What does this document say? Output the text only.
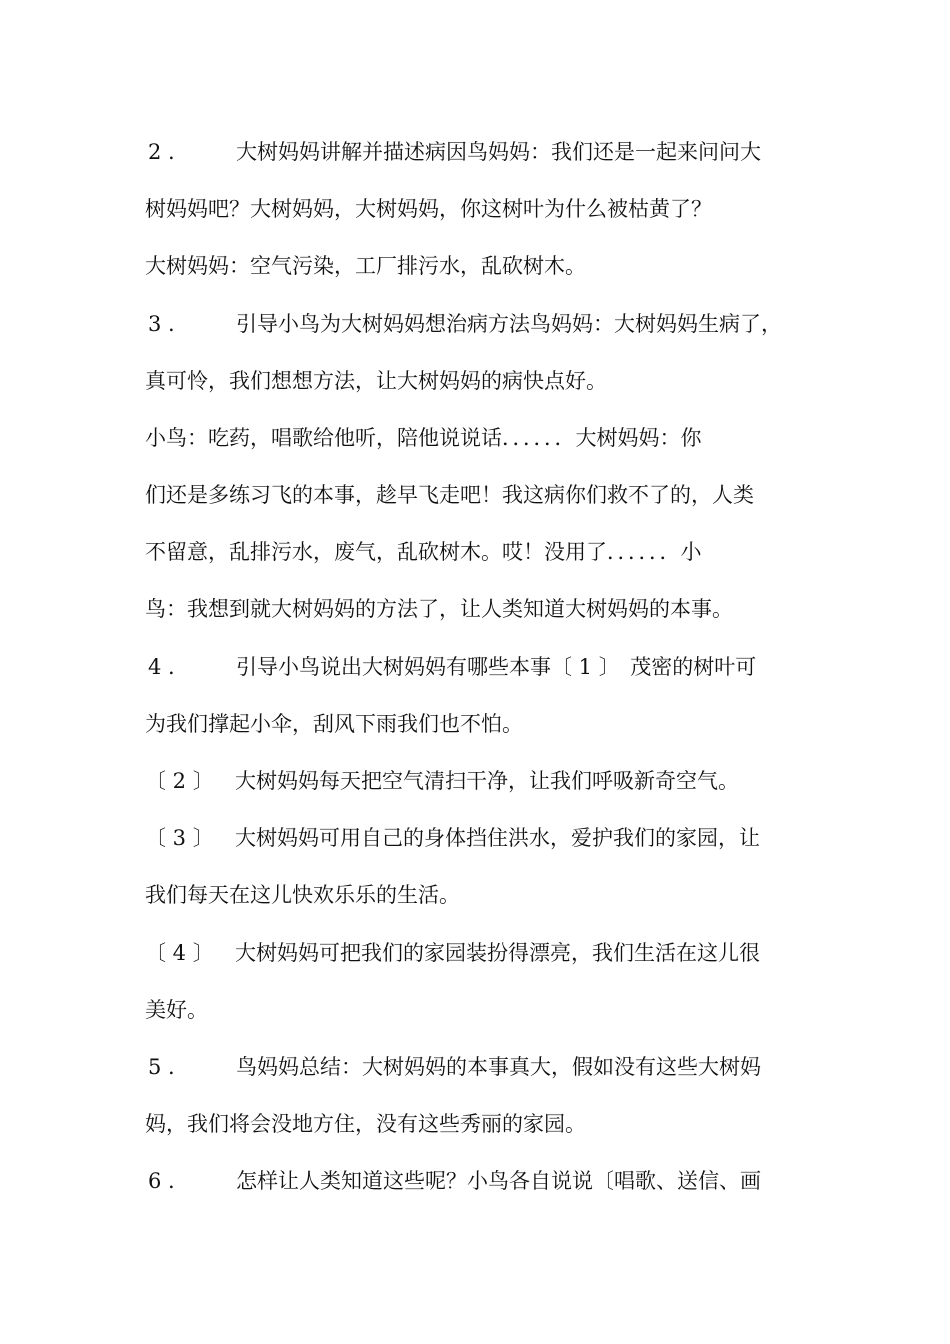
2 .	大树妈妈讲解并描述病因鸟妈妈：我们还是一起来问问大
树妈妈吧？大树妈妈，大树妈妈，你这树叶为什么被枯黄了？
大树妈妈：空气污染，工厂排污水，乱砍树木。
3 .	引导小鸟为大树妈妈想治病方法鸟妈妈：大树妈妈生病了，
真可怜，我们想想方法，让大树妈妈的病快点好。
小鸟：吃药，唱歌给他听，陪他说说话．．．．．．大树妈妈：你
们还是多练习飞的本事，趁早飞走吧！我这病你们救不了的，人类
不留意，乱排污水，废气，乱砍树木。哎！没用了．．．．．．小
鸟：我想到就大树妈妈的方法了，让人类知道大树妈妈的本事。
4 .	引导小鸟说出大树妈妈有哪些本事〔 1 〕　茂密的树叶可
为我们撑起小伞，刮风下雨我们也不怕。
〔 2 〕	大树妈妈每天把空气清扫干净，让我们呼吸新奇空气。
〔 3 〕	大树妈妈可用自己的身体挡住洪水，爱护我们的家园，让
我们每天在这儿快欢乐乐的生活。
〔 4 〕	大树妈妈可把我们的家园装扮得漂亮，我们生活在这儿很
美好。
5 .	鸟妈妈总结：大树妈妈的本事真大，假如没有这些大树妈
妈，我们将会没地方住，没有这些秀丽的家园。
6 .	怎样让人类知道这些呢？小鸟各自说说〔唱歌、送信、画
